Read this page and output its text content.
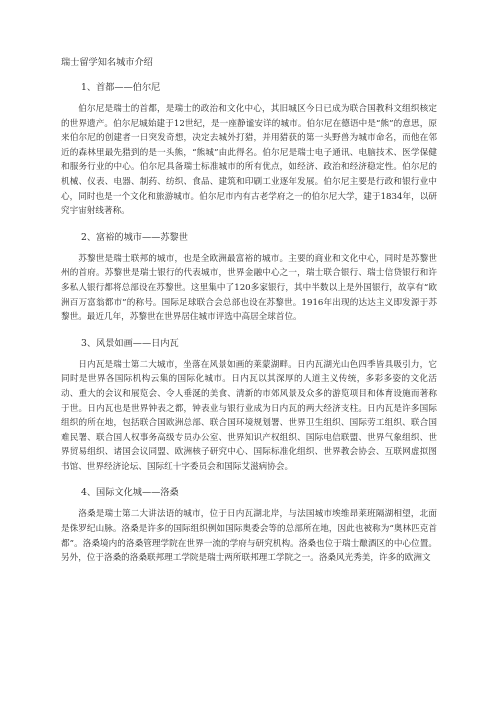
瑞士留学知名城市介绍
1、首都——伯尔尼

伯尔尼是瑞士的首都，是瑞士的政治和文化中心，其旧城区今日已成为联合国教科文组织核定的世界遗产。伯尔尼城始建于12世纪，是一座静谧安详的城市。伯尔尼在德语中是“熊”的意思，原来伯尔尼的创建者一日突发奇想，决定去城外打猎，并用猎获的第一头野兽为城市命名，而他在邻近的森林里最先猎到的是一头熊，“熊城”由此得名。伯尔尼是瑞士电子通讯、电脑技术、医学保健和服务行业的中心。伯尔尼具备瑞士标准城市的所有优点，如经济、政治和经济稳定性。伯尔尼的机械、仪表、电器、制药、纺织、食品、建筑和印刷工业逐年发展。伯尔尼主要是行政和银行业中心，同时也是一个文化和旅游城市。伯尔尼市内有古老学府之一的伯尔尼大学，建于1834年，以研究宇宙射线著称。

2、富裕的城市——苏黎世

苏黎世是瑞士联邦的城市，也是全欧洲最富裕的城市。主要的商业和文化中心，同时是苏黎世州的首府。苏黎世是瑞士银行的代表城市，世界金融中心之一，瑞士联合银行、瑞士信贷银行和许多私人银行都将总部设在苏黎世。这里集中了120多家银行，其中半数以上是外国银行，故享有“欧洲百万富翁都市”的称号。国际足球联合会总部也设在苏黎世。1916年出现的达达主义即发源于苏黎世。最近几年，苏黎世在世界居住城市评选中高居全球首位。

3、风景如画——日内瓦

日内瓦是瑞士第二大城市，坐落在风景如画的莱蒙湖畔。日内瓦湖光山色四季皆具吸引力，它同时是世界各国际机构云集的国际化城市。日内瓦以其深厚的人道主义传统，多彩多姿的文化活动、重大的会议和展览会、令人垂涎的美食、清新的市郊风景及众多的游览项目和体育设施而著称于世。日内瓦也是世界钟表之都，钟表业与银行业成为日内瓦的两大经济支柱。日内瓦是许多国际组织的所在地，包括联合国欧洲总部、联合国环境规划署、世界卫生组织、国际劳工组织、联合国难民署、联合国人权事务高级专员办公室、世界知识产权组织、国际电信联盟、世界气象组织、世界贸易组织、诸国会议同盟、欧洲核子研究中心、国际标准化组织、世界教会协会、互联网虚拟图书馆、世界经济论坛、国际红十字委员会和国际艾滋病协会。

4、国际文化城——洛桑

洛桑是瑞士第二大讲法语的城市，位于日内瓦湖北岸，与法国城市埃维昂莱班隔湖相望，北面是侏罗纪山脉。洛桑是许多的国际组织例如国际奥委会等的总部所在地，因此也被称为“奥林匹克首都”。洛桑境内的洛桑管理学院在世界一流的学府与研究机构。洛桑也位于瑞士酿酒区的中心位置。另外，位于洛桑的洛桑联邦理工学院是瑞士两所联邦理工学院之一。洛桑风光秀美，许多的欧洲文
